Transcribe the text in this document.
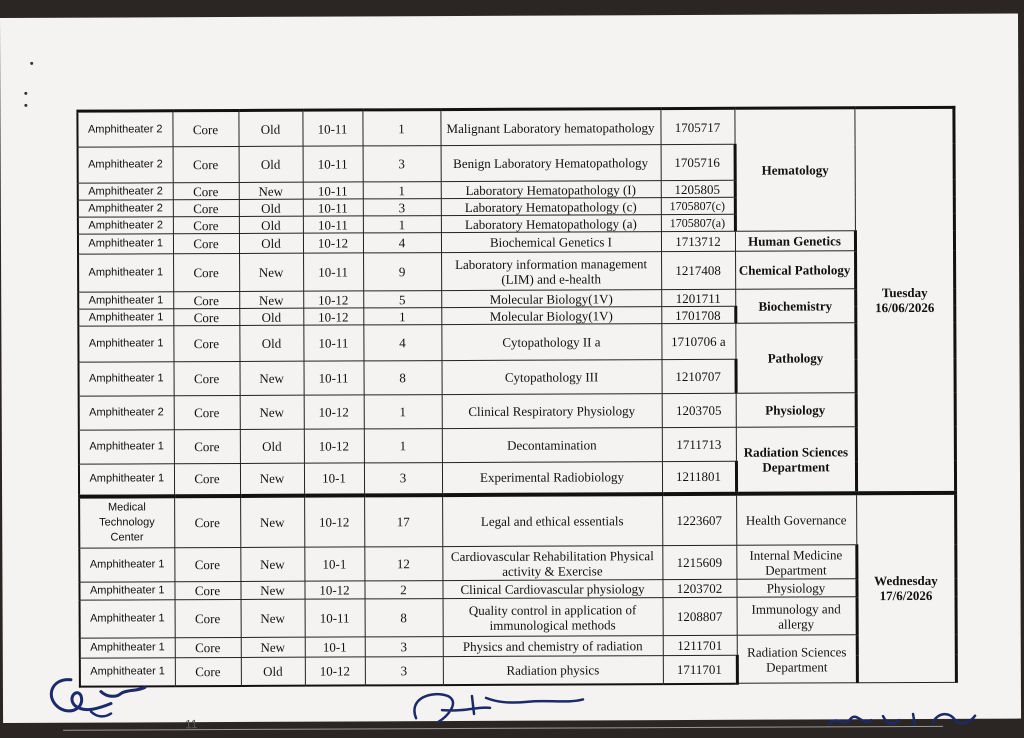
Amphitheater 2	Core	Old	10-11	1	Malignant Laboratory hematopathology	1705717	Hematology	Tuesday
16/06/2026
Amphitheater 2	Core	Old	10-11	3	Benign Laboratory Hematopathology	1705716		
Amphitheater 2	Core	New	10-11	1	Laboratory Hematopathology (I)	1205805		
Amphitheater 2	Core	Old	10-11	3	Laboratory Hematopathology (c)	1705807(c)		
Amphitheater 2	Core	Old	10-11	1	Laboratory Hematopathology (a)	1705807(a)		
Amphitheater 1	Core	Old	10-12	4	Biochemical Genetics I	1713712	Human Genetics	
Amphitheater 1	Core	New	10-11	9	Laboratory information management (LIM) and e-health	1217408	Chemical Pathology	
Amphitheater 1	Core	New	10-12	5	Molecular Biology(1V)	1201711	Biochemistry	
Amphitheater 1	Core	Old	10-12	1	Molecular Biology(1V)	1701708		
Amphitheater 1	Core	Old	10-11	4	Cytopathology II a	1710706 a	Pathology	
Amphitheater 1	Core	New	10-11	8	Cytopathology III	1210707		
Amphitheater 2	Core	New	10-12	1	Clinical Respiratory Physiology	1203705	Physiology	
Amphitheater 1	Core	Old	10-12	1	Decontamination	1711713	Radiation Sciences Department	
Amphitheater 1	Core	New	10-1	3	Experimental Radiobiology	1211801		
Medical Technology Center	Core	New	10-12	17	Legal and ethical essentials	1223607	Health Governance	Wednesday
17/6/2026
Amphitheater 1	Core	New	10-1	12	Cardiovascular Rehabilitation Physical activity & Exercise	1215609	Internal Medicine Department	
Amphitheater 1	Core	New	10-12	2	Clinical Cardiovascular physiology	1203702	Physiology	
Amphitheater 1	Core	New	10-11	8	Quality control in application of immunological methods	1208807	Immunology and allergy	
Amphitheater 1	Core	New	10-1	3	Physics and chemistry of radiation	1211701	Radiation Sciences Department	
Amphitheater 1	Core	Old	10-12	3	Radiation physics	1711701		
11
